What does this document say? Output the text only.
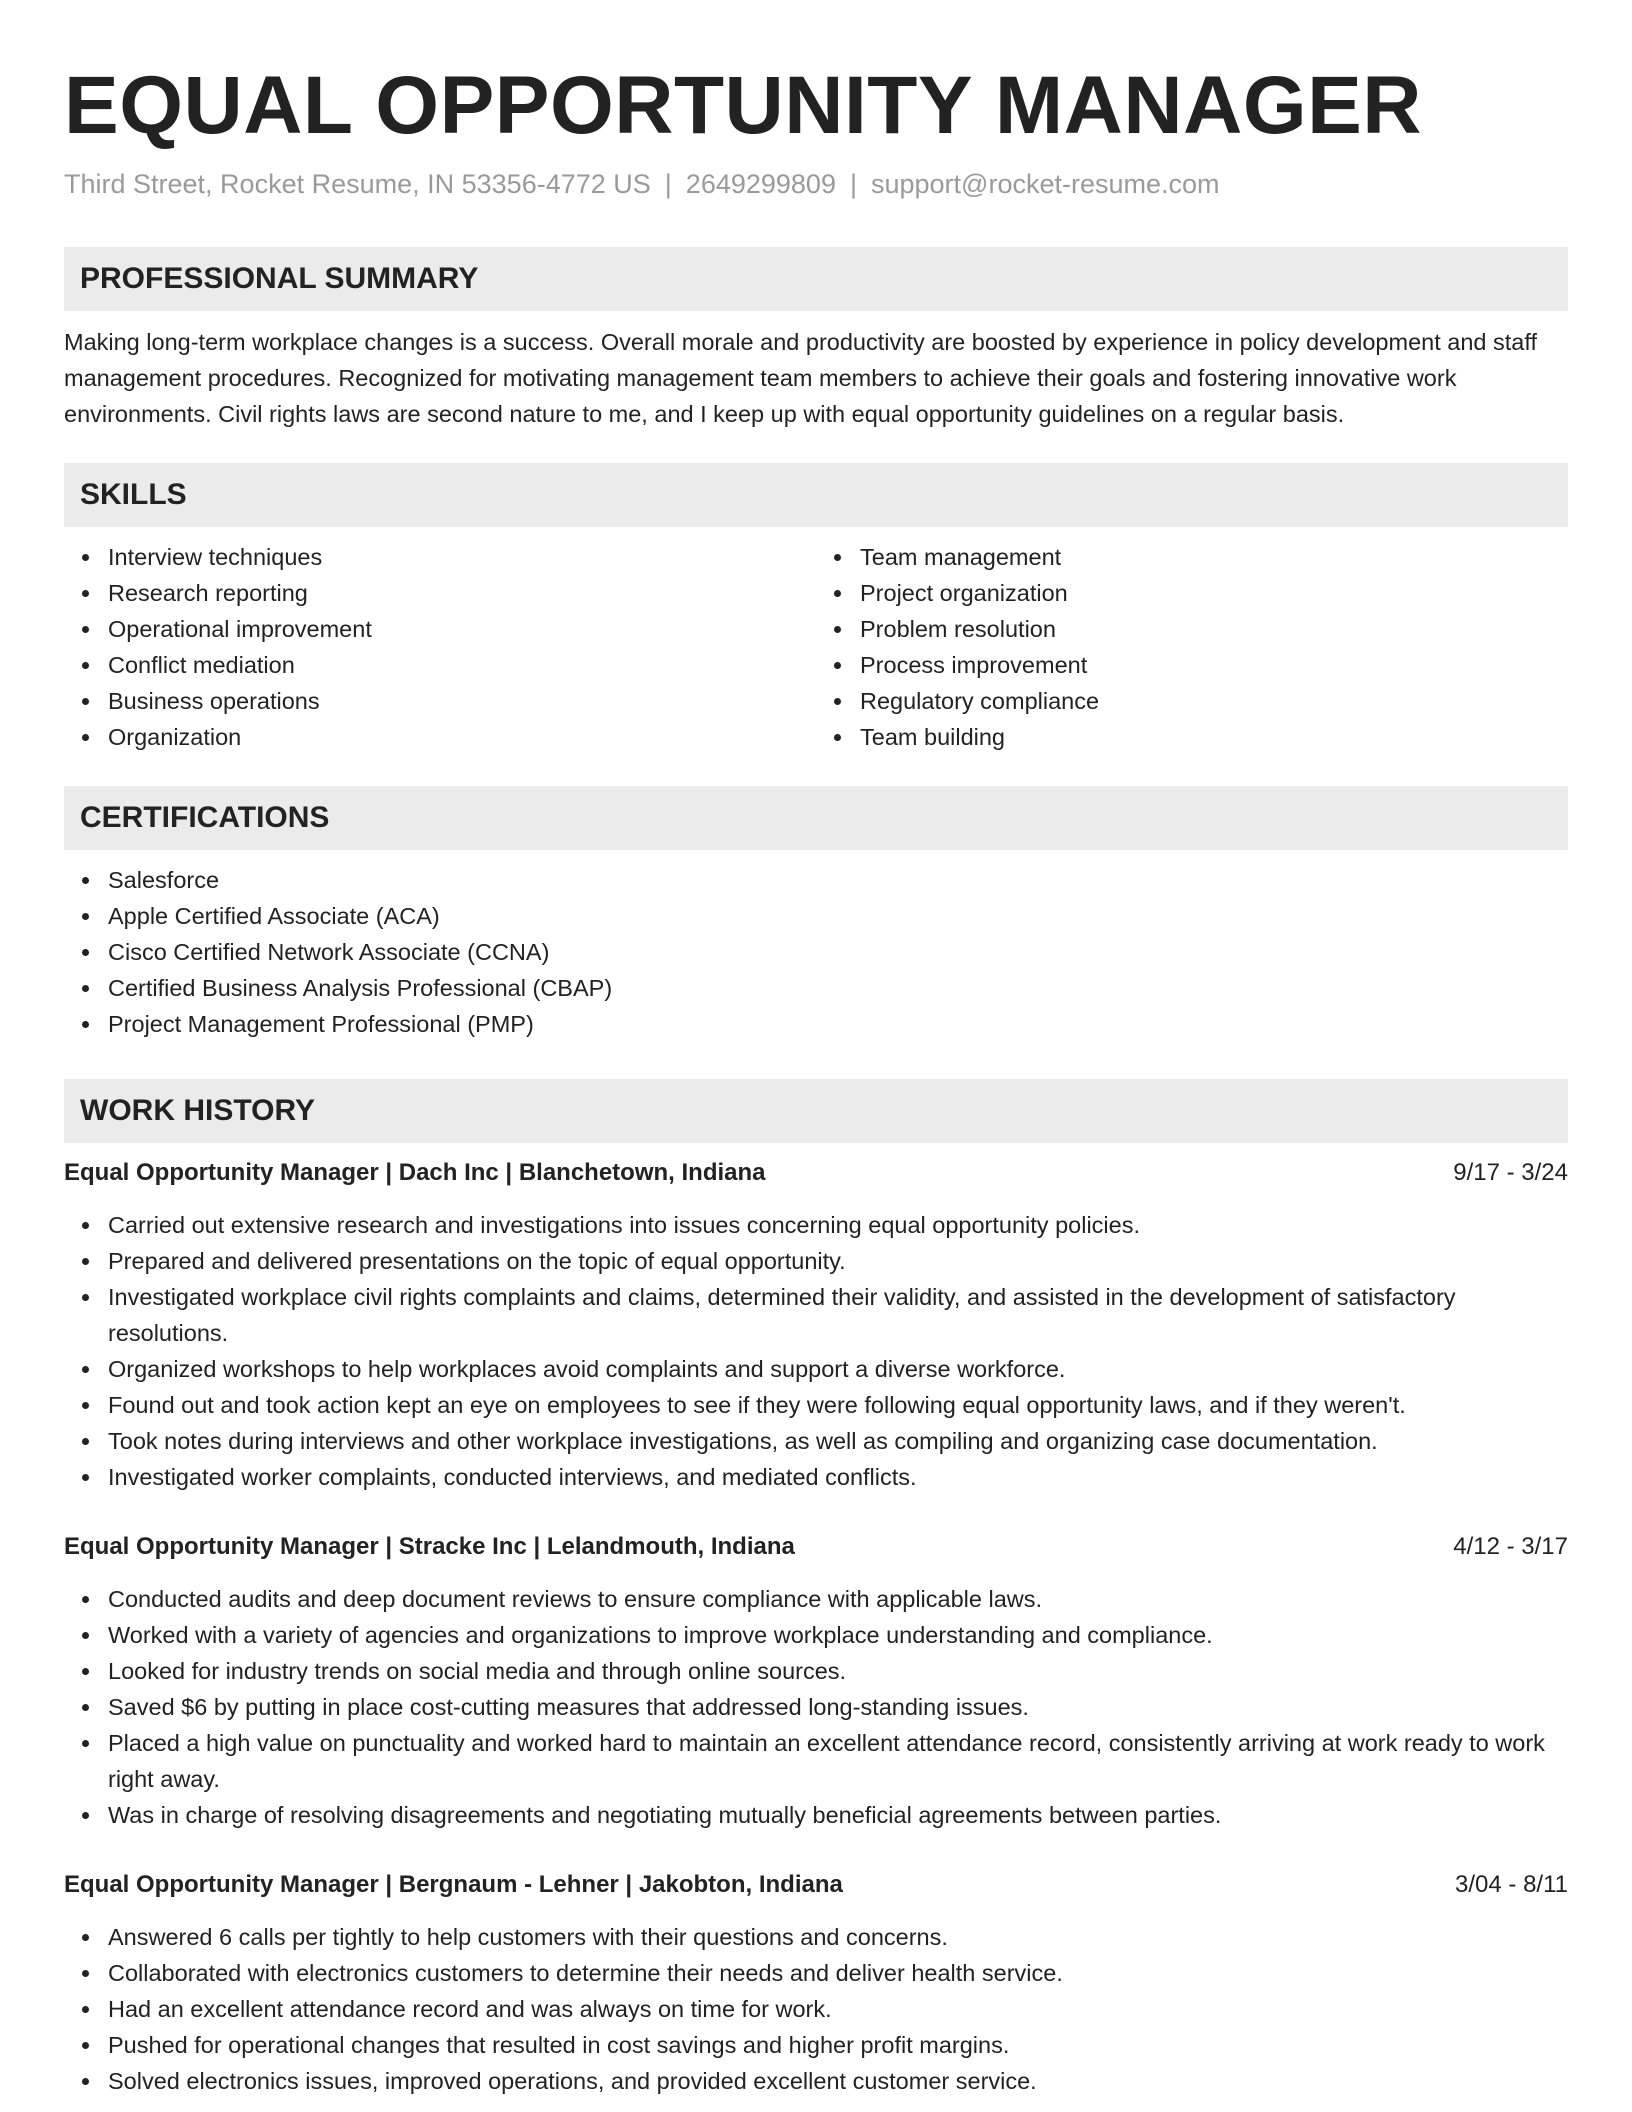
EQUAL OPPORTUNITY MANAGER
Third Street, Rocket Resume, IN 53356-4772 US | 2649299809 | support@rocket-resume.com
PROFESSIONAL SUMMARY

Making long-term workplace changes is a success. Overall morale and productivity are boosted by experience in policy development and staff management procedures. Recognized for motivating management team members to achieve their goals and fostering innovative work environments. Civil rights laws are second nature to me, and I keep up with equal opportunity guidelines on a regular basis.

SKILLS
Interview techniques
Research reporting
Operational improvement
Conflict mediation
Business operations
Organization
Team management
Project organization
Problem resolution
Process improvement
Regulatory compliance
Team building
CERTIFICATIONS
Salesforce
Apple Certified Associate (ACA)
Cisco Certified Network Associate (CCNA)
Certified Business Analysis Professional (CBAP)
Project Management Professional (PMP)
WORK HISTORY
Equal Opportunity Manager | Dach Inc | Blanchetown, Indiana	9/17 - 3/24
Carried out extensive research and investigations into issues concerning equal opportunity policies.
Prepared and delivered presentations on the topic of equal opportunity.
Investigated workplace civil rights complaints and claims, determined their validity, and assisted in the development of satisfactory resolutions.
Organized workshops to help workplaces avoid complaints and support a diverse workforce.
Found out and took action kept an eye on employees to see if they were following equal opportunity laws, and if they weren't.
Took notes during interviews and other workplace investigations, as well as compiling and organizing case documentation.
Investigated worker complaints, conducted interviews, and mediated conflicts.
Equal Opportunity Manager | Stracke Inc | Lelandmouth, Indiana	4/12 - 3/17
Conducted audits and deep document reviews to ensure compliance with applicable laws.
Worked with a variety of agencies and organizations to improve workplace understanding and compliance.
Looked for industry trends on social media and through online sources.
Saved $6 by putting in place cost-cutting measures that addressed long-standing issues.
Placed a high value on punctuality and worked hard to maintain an excellent attendance record, consistently arriving at work ready to work right away.
Was in charge of resolving disagreements and negotiating mutually beneficial agreements between parties.
Equal Opportunity Manager | Bergnaum - Lehner | Jakobton, Indiana	3/04 - 8/11
Answered 6 calls per tightly to help customers with their questions and concerns.
Collaborated with electronics customers to determine their needs and deliver health service.
Had an excellent attendance record and was always on time for work.
Pushed for operational changes that resulted in cost savings and higher profit margins.
Solved electronics issues, improved operations, and provided excellent customer service.
